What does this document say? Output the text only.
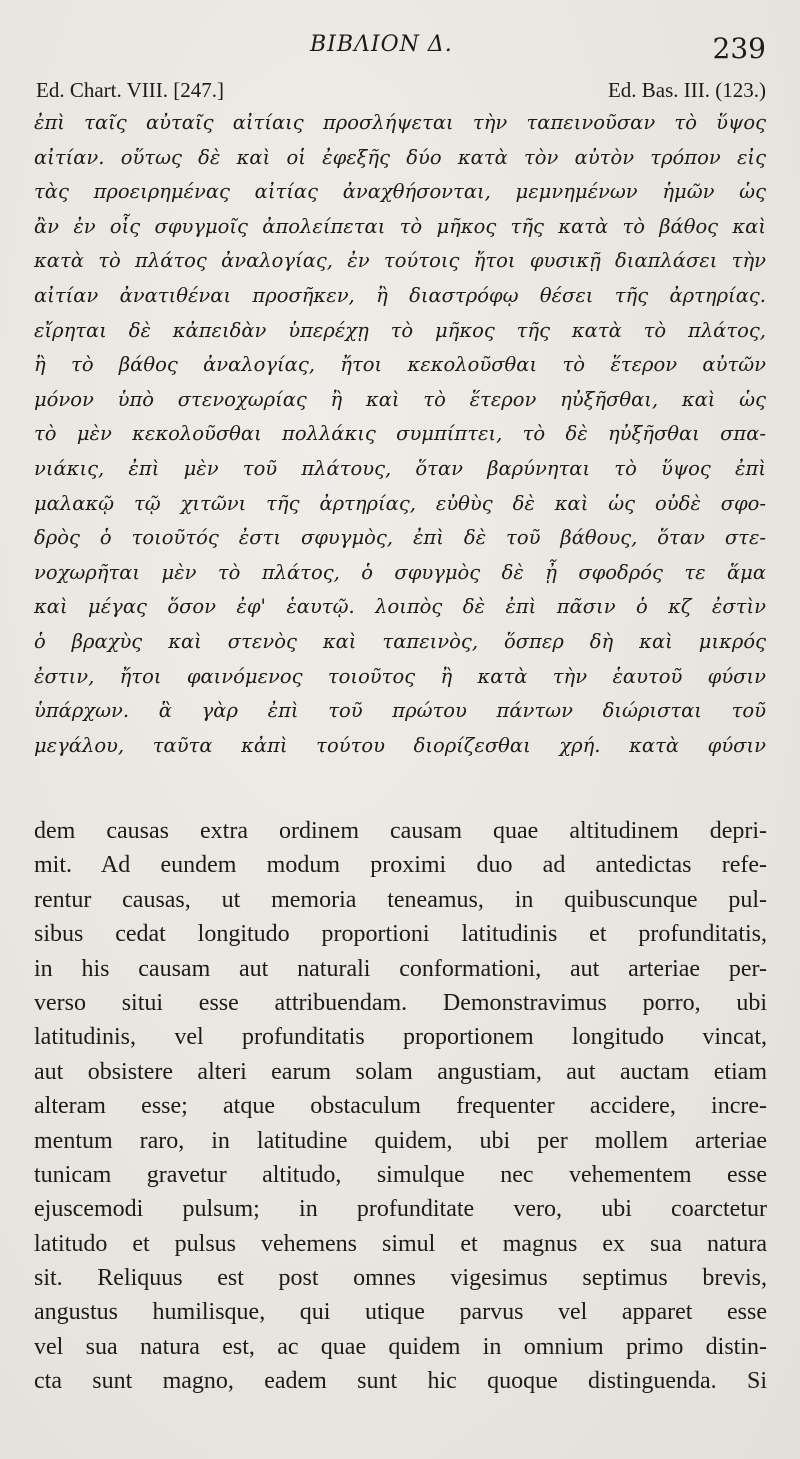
ΒΙΒΛΙΟΝ Δ.	239
Ed. Chart. VIII. [247.]	Ed. Bas. III. (123.)
ἐπὶ ταῖς αὐταῖς αἰτίαις προσλήψεται τὴν ταπεινοῦσαν τὸ ὕψος
αἰτίαν. οὕτως δὲ καὶ οἱ ἐφεξῆς δύο κατὰ τὸν αὐτὸν τρόπον εἰς
τὰς προειρημένας αἰτίας ἀναχθήσονται, μεμνημένων ἡμῶν ὡς
ἂν ἐν οἷς σφυγμοῖς ἀπολείπεται τὸ μῆκος τῆς κατὰ τὸ βάθος καὶ
κατὰ τὸ πλάτος ἀναλογίας, ἐν τούτοις ἤτοι φυσικῇ διαπλάσει τὴν
αἰτίαν ἀνατιθέναι προσῆκεν, ἢ διαστρόφῳ θέσει τῆς ἀρτηρίας.
εἴρηται δὲ κἀπειδὰν ὑπερέχῃ τὸ μῆκος τῆς κατὰ τὸ πλάτος,
ἢ τὸ βάθος ἀναλογίας, ἤτοι κεκολοῦσθαι τὸ ἕτερον αὐτῶν
μόνον ὑπὸ στενοχωρίας ἢ καὶ τὸ ἕτερον ηὐξῆσθαι, καὶ ὡς
τὸ μὲν κεκολοῦσθαι πολλάκις συμπίπτει, τὸ δὲ ηὐξῆσθαι σπα-
νιάκις, ἐπὶ μὲν τοῦ πλάτους, ὅταν βαρύνηται τὸ ὕψος ἐπὶ
μαλακῷ τῷ χιτῶνι τῆς ἀρτηρίας, εὐθὺς δὲ καὶ ὡς οὐδὲ σφο-
δρὸς ὁ τοιοῦτός ἐστι σφυγμὸς, ἐπὶ δὲ τοῦ βάθους, ὅταν στε-
νοχωρῆται μὲν τὸ πλάτος, ὁ σφυγμὸς δὲ ᾖ σφοδρός τε ἅμα
καὶ μέγας ὅσον ἐφ' ἑαυτῷ. λοιπὸς δὲ ἐπὶ πᾶσιν ὁ κζ ἐστὶν
ὁ βραχὺς καὶ στενὸς καὶ ταπεινὸς, ὅσπερ δὴ καὶ μικρός
ἐστιν, ἤτοι φαινόμενος τοιοῦτος ἢ κατὰ τὴν ἑαυτοῦ φύσιν
ὑπάρχων. ἃ γὰρ ἐπὶ τοῦ πρώτου πάντων διώρισται τοῦ
μεγάλου, ταῦτα κἀπὶ τούτου διορίζεσθαι χρή. κατὰ φύσιν
dem causas extra ordinem causam quae altitudinem depri-
mit. Ad eundem modum proximi duo ad antedictas refe-
rentur causas, ut memoria teneamus, in quibuscunque pul-
sibus cedat longitudo proportioni latitudinis et profunditatis,
in his causam aut naturali conformationi, aut arteriae per-
verso situi esse attribuendam. Demonstravimus porro, ubi
latitudinis, vel profunditatis proportionem longitudo vincat,
aut obsistere alteri earum solam angustiam, aut auctam etiam
alteram esse; atque obstaculum frequenter accidere, incre-
mentum raro, in latitudine quidem, ubi per mollem arteriae
tunicam gravetur altitudo, simulque nec vehementem esse
ejuscemodi pulsum; in profunditate vero, ubi coarctetur
latitudo et pulsus vehemens simul et magnus ex sua natura
sit. Reliquus est post omnes vigesimus septimus brevis,
angustus humilisque, qui utique parvus vel apparet esse
vel sua natura est, ac quae quidem in omnium primo distin-
cta sunt magno, eadem sunt hic quoque distinguenda. Si
